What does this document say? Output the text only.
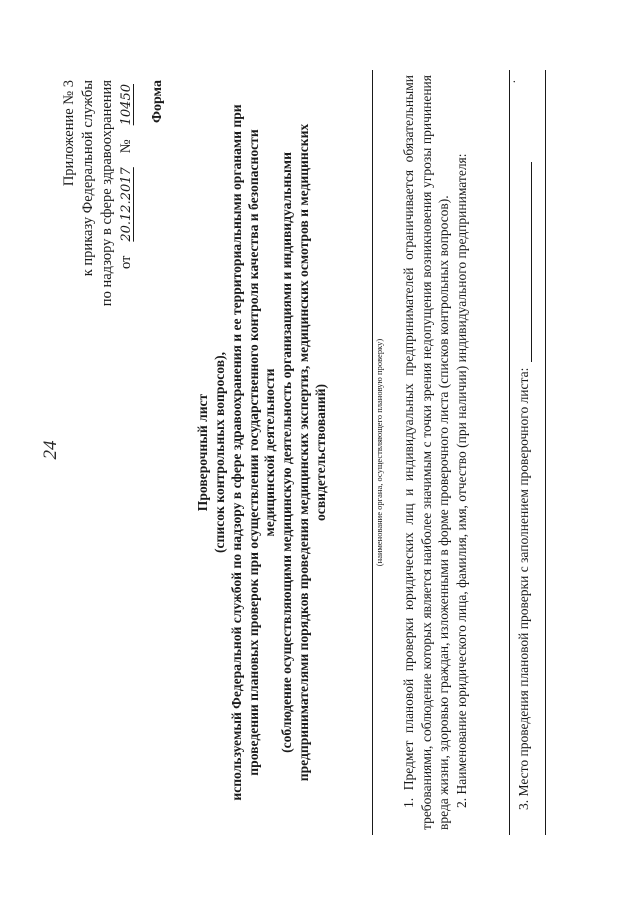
24
Приложение № 3 к приказу Федеральной службы по надзору в сфере здравоохранения от
20.12.2017
№
10450 Форма
Проверочный лист (список контрольных вопросов), используемый Федеральной службой по надзору в сфере здравоохранения и ее территориальными органами при проведении плановых проверок при осуществлении государственного контроля качества и безопасности медицинской деятельности (соблюдение осуществляющими медицинскую деятельность организациями и индивидуальными предпринимателями порядков проведения медицинских экспертиз, медицинских осмотров и медицинских освидетельствований)	(наименование органа, осуществляющего плановую проверку) 1. Предмет плановой проверки юридических лиц и индивидуальных предпринимателей ограничивается обязательными требованиями, соблюдение которых является наиболее значимым с точки зрения недопущения возникновения угрозы причинения вреда жизни, здоровью граждан, изложенными в форме проверочного листа (списков контрольных вопросов). 2. Наименование юридического лица, фамилия, имя, отчество (при наличии) индивидуального предпринимателя:

.
3. Место проведения плановой проверки с заполнением проверочного листа:
